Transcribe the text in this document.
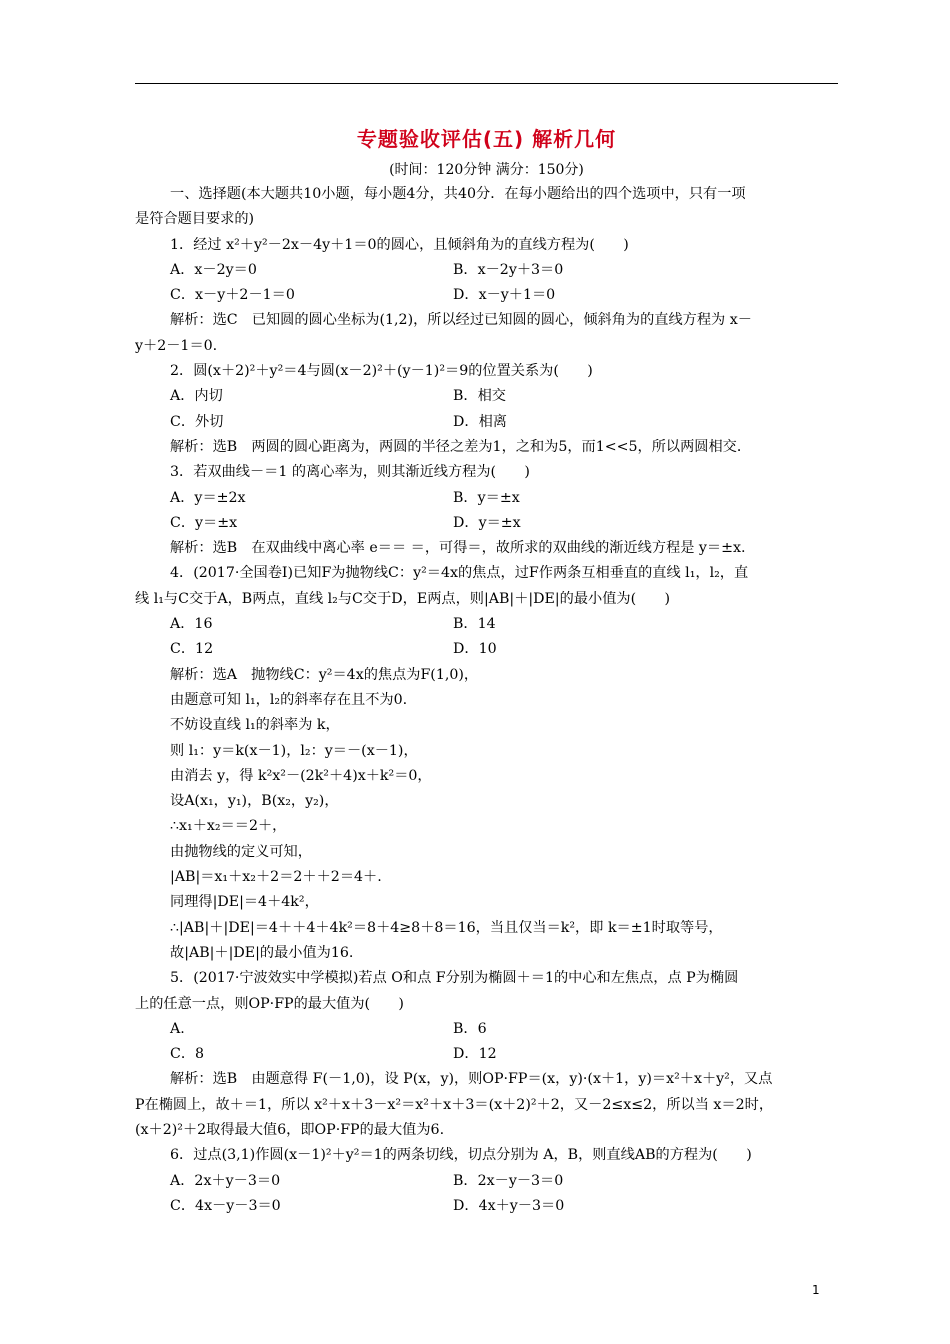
专题验收评估(五) 解析几何
(时间：120分钟 满分：150分)
一、选择题(本大题共10小题，每小题4分，共40分．在每小题给出的四个选项中，只有一项
是符合题目要求的)
1．经过 x²＋y²－2x－4y＋1＝0的圆心，且倾斜角为的直线方程为(　　)
A．x－2y＝0	B．x－2y＋3＝0
C．x－y＋2－1＝0	D．x－y＋1＝0
解析：选C　已知圆的圆心坐标为(1,2)，所以经过已知圆的圆心，倾斜角为的直线方程为 x－
y＋2－1＝0.
2．圆(x＋2)²＋y²＝4与圆(x－2)²＋(y－1)²＝9的位置关系为(　　)
A．内切	B．相交
C．外切	D．相离
解析：选B　两圆的圆心距离为，两圆的半径之差为1，之和为5，而1<<5，所以两圆相交．
3．若双曲线－＝1 的离心率为，则其渐近线方程为(　　)
A．y＝±2x	B．y＝±x
C．y＝±x	D．y＝±x
解析：选B　在双曲线中离心率 e＝＝ ＝，可得＝，故所求的双曲线的渐近线方程是 y＝±x.
4．(2017·全国卷Ⅰ)已知F为抛物线C：y²＝4x的焦点，过F作两条互相垂直的直线 l₁，l₂，直
线 l₁与C交于A，B两点，直线 l₂与C交于D，E两点，则|AB|＋|DE|的最小值为(　　)
A．16	B．14
C．12	D．10
解析：选A　抛物线C：y²＝4x的焦点为F(1,0)，
由题意可知 l₁，l₂的斜率存在且不为0.
不妨设直线 l₁的斜率为 k，
则 l₁：y＝k(x－1)，l₂：y＝－(x－1)，
由消去 y，得 k²x²－(2k²＋4)x＋k²＝0，
设A(x₁，y₁)，B(x₂，y₂)，
∴x₁＋x₂＝＝2＋，
由抛物线的定义可知，
|AB|＝x₁＋x₂＋2＝2＋＋2＝4＋.
同理得|DE|＝4＋4k²，
∴|AB|＋|DE|＝4＋＋4＋4k²＝8＋4≥8＋8＝16，当且仅当＝k²，即 k＝±1时取等号，
故|AB|＋|DE|的最小值为16.
5．(2017·宁波效实中学模拟)若点 O和点 F分别为椭圆＋＝1的中心和左焦点，点 P为椭圆
上的任意一点，则OP·FP的最大值为(　　)
A.	B．6
C．8	D．12
解析：选B　由题意得 F(－1,0)，设 P(x，y)，则OP·FP＝(x，y)·(x＋1，y)＝x²＋x＋y²，又点
P在椭圆上，故＋＝1，所以 x²＋x＋3－x²＝x²＋x＋3＝(x＋2)²＋2，又－2≤x≤2，所以当 x＝2时，
(x＋2)²＋2取得最大值6，即OP·FP的最大值为6.
6．过点(3,1)作圆(x－1)²＋y²＝1的两条切线，切点分别为 A，B，则直线AB的方程为(　　)
A．2x＋y－3＝0	B．2x－y－3＝0
C．4x－y－3＝0	D．4x＋y－3＝0
1
